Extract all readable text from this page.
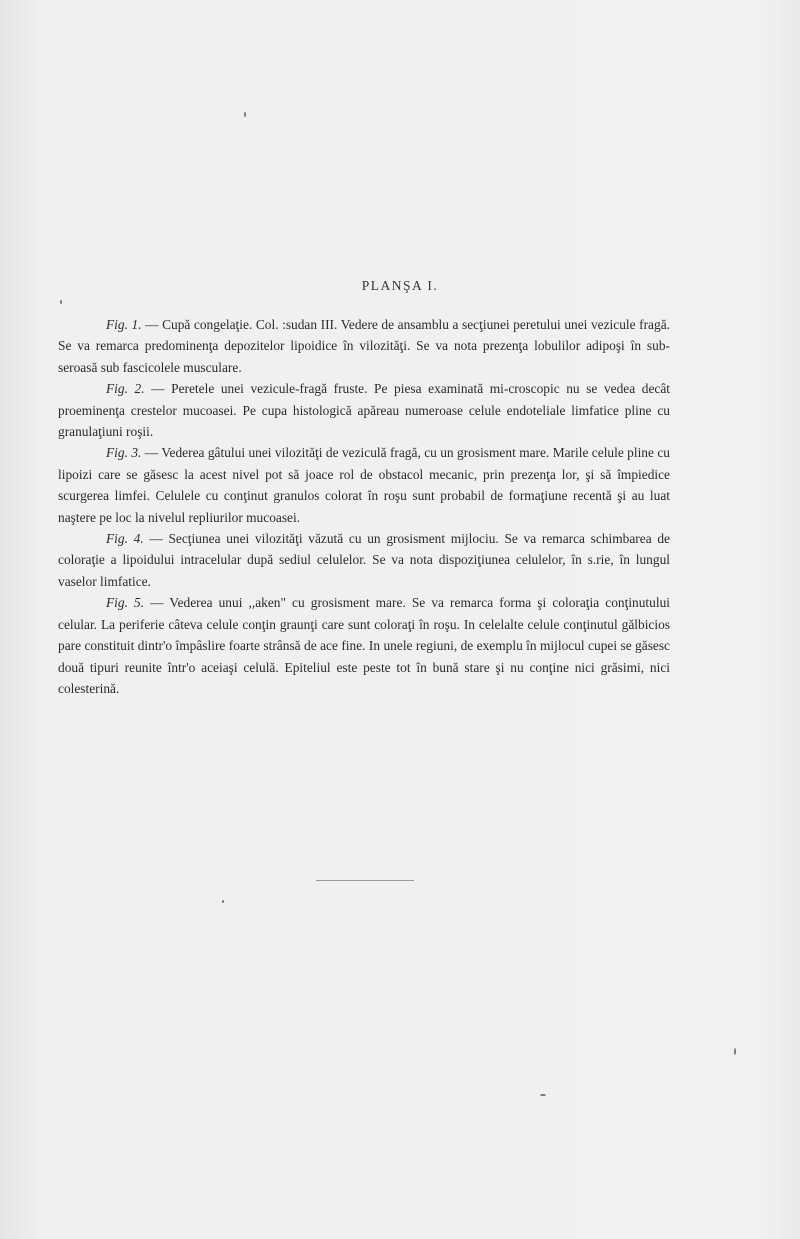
PLANŞA I.

Fig. 1. — Cupă congelaţie. Col. :sudan III. Vedere de ansamblu a secţiunei peretului unei vezicule fragă. Se va remarca predominenţa depozitelor lipoidice în vilozităţi. Se va nota prezenţa lobulilor adipoşi în sub-seroasă sub fascicolele musculare.

Fig. 2. — Peretele unei vezicule-fragă fruste. Pe piesa examinată mi-croscopic nu se vedea decât proeminenţa crestelor mucoasei. Pe cupa histologică apăreau numeroase celule endoteliale limfatice pline cu granulaţiuni roşii.

Fig. 3. — Vederea gâtului unei vilozităţi de veziculă fragă, cu un grosisment mare. Marile celule pline cu lipoizi care se găsesc la acest nivel pot să joace rol de obstacol mecanic, prin prezenţa lor, şi să împiedice scurgerea limfei. Celulele cu conţinut granulos colorat în roşu sunt probabil de formaţiune recentă şi au luat naştere pe loc la nivelul repliurilor mucoasei.

Fig. 4. — Secţiunea unei vilozităţi văzută cu un grosisment mijlociu. Se va remarca schimbarea de coloraţie a lipoidului intracelular după sediul celulelor. Se va nota dispoziţiunea celulelor, în s.rie, în lungul vaselor limfatice.

Fig. 5. — Vederea unui ,,aken" cu grosisment mare. Se va remarca forma şi coloraţia conţinutului celular. La periferie câteva celule conţin graunţi care sunt coloraţi în roşu. In celelalte celule conţinutul gălbicios pare constituit dintr'o împâslire foarte strânsă de ace fine. In unele regiuni, de exemplu în mijlocul cupei se găsesc două tipuri reunite într'o aceiaşi celulă. Epiteliul este peste tot în bună stare şi nu conţine nici grăsimi, nici colesterină.
